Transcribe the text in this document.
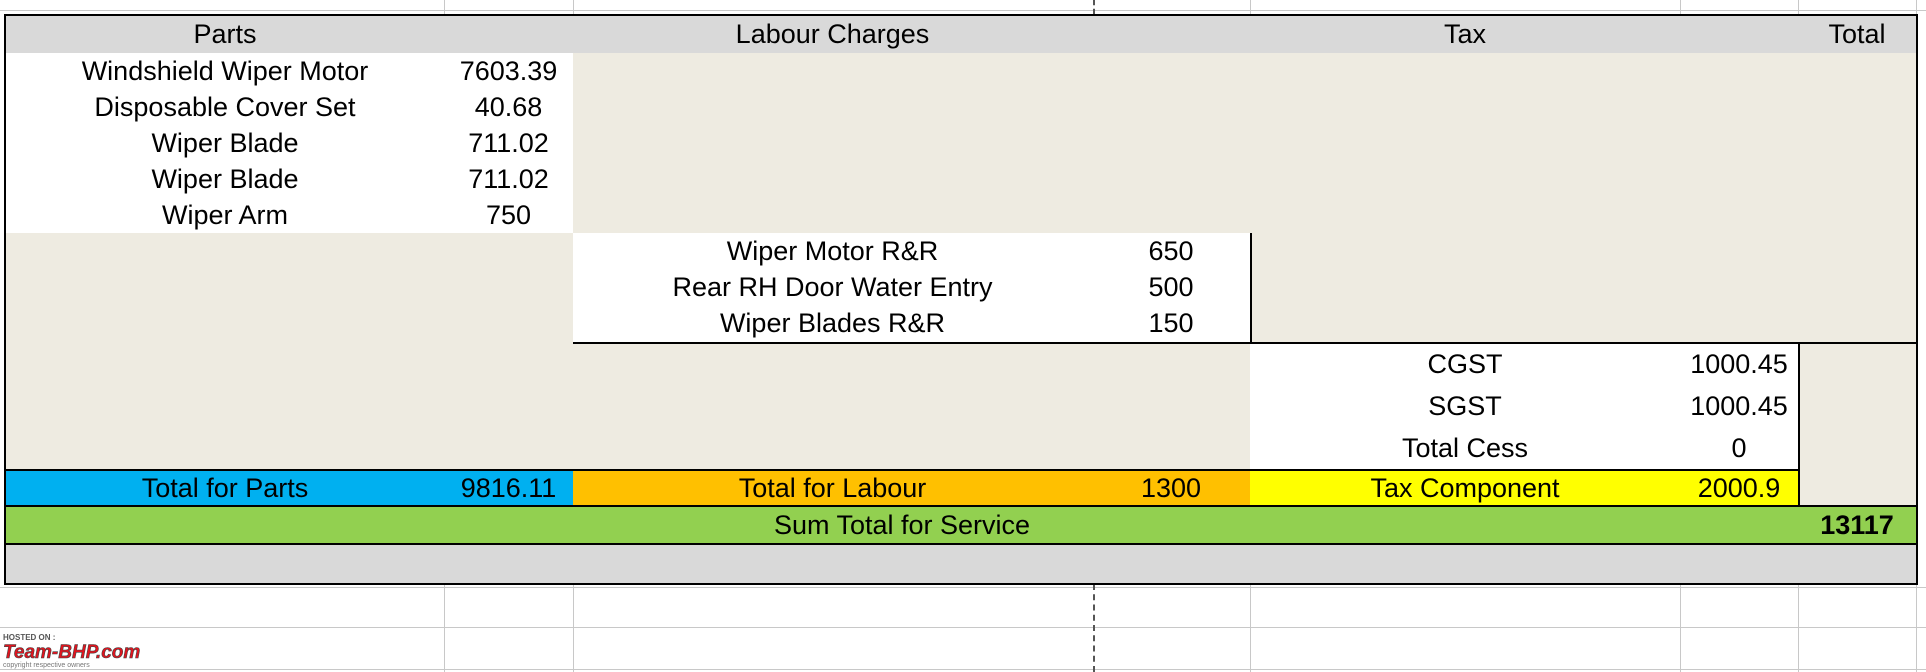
Parts	Labour Charges	Tax	Total
Windshield Wiper Motor	7603.39
Disposable Cover Set	40.68
Wiper Blade	711.02
Wiper Blade	711.02
Wiper Arm	750
Wiper Motor R&R	650
Rear RH Door Water Entry	500
Wiper Blades R&R	150
CGST	1000.45
SGST	1000.45
Total Cess	0
Total for Parts	9816.11	Total for Labour	1300	Tax Component	2000.9
Sum Total for Service	13117
HOSTED ON :
Team-BHP.com
copyright respective owners
